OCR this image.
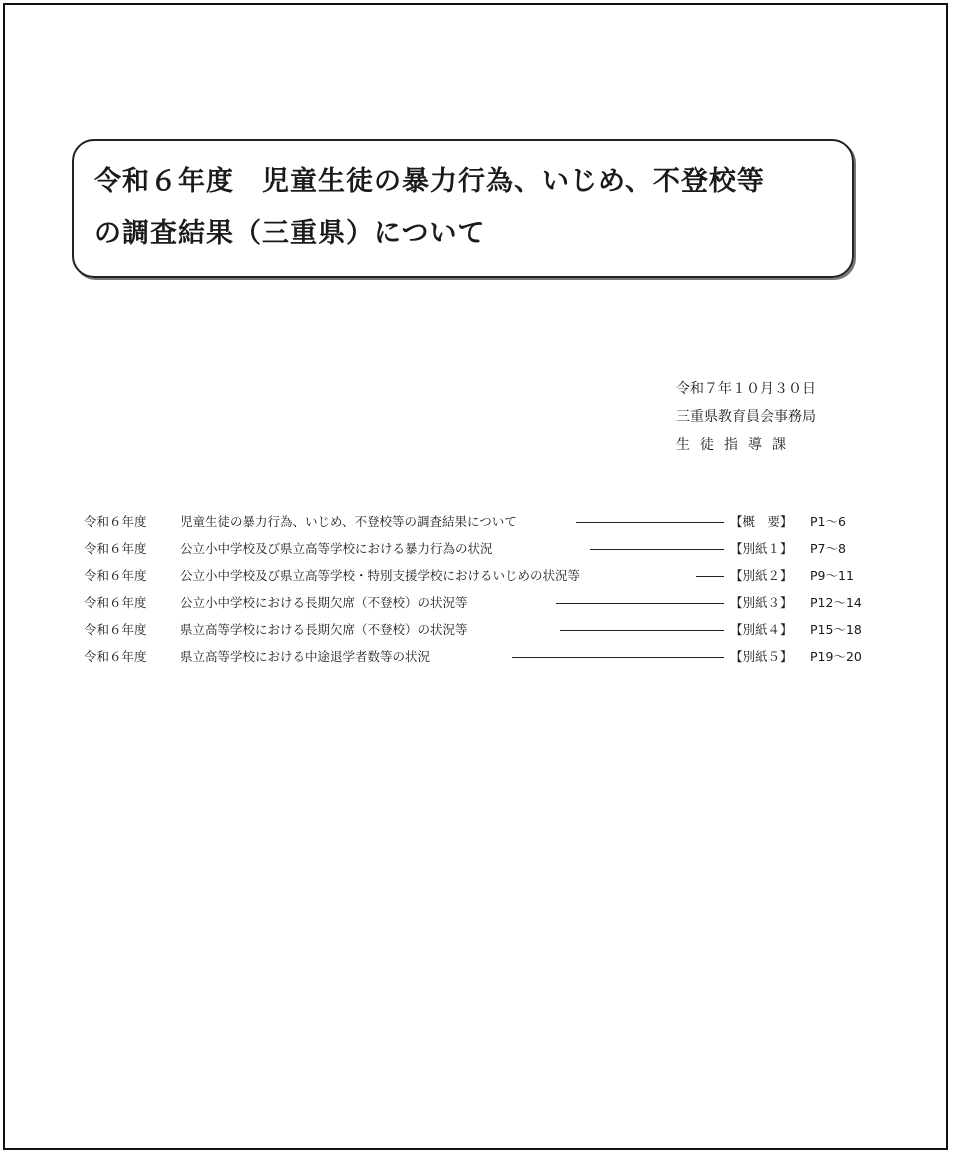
令和６年度　児童生徒の暴力行為、いじめ、不登校等
の調査結果（三重県）について
令和７年１０月３０日
三重県教育員会事務局
生徒指導課
令和６年度	児童生徒の暴力行為、いじめ、不登校等の調査結果について	【概　要】 P1～6
令和６年度	公立小中学校及び県立高等学校における暴力行為の状況	【別紙１】 P7～8
令和６年度	公立小中学校及び県立高等学校・特別支援学校におけるいじめの状況等	【別紙２】 P9～11
令和６年度	公立小中学校における長期欠席（不登校）の状況等	【別紙３】 P12～14
令和６年度	県立高等学校における長期欠席（不登校）の状況等	【別紙４】 P15～18
令和６年度	県立高等学校における中途退学者数等の状況	【別紙５】 P19～20
